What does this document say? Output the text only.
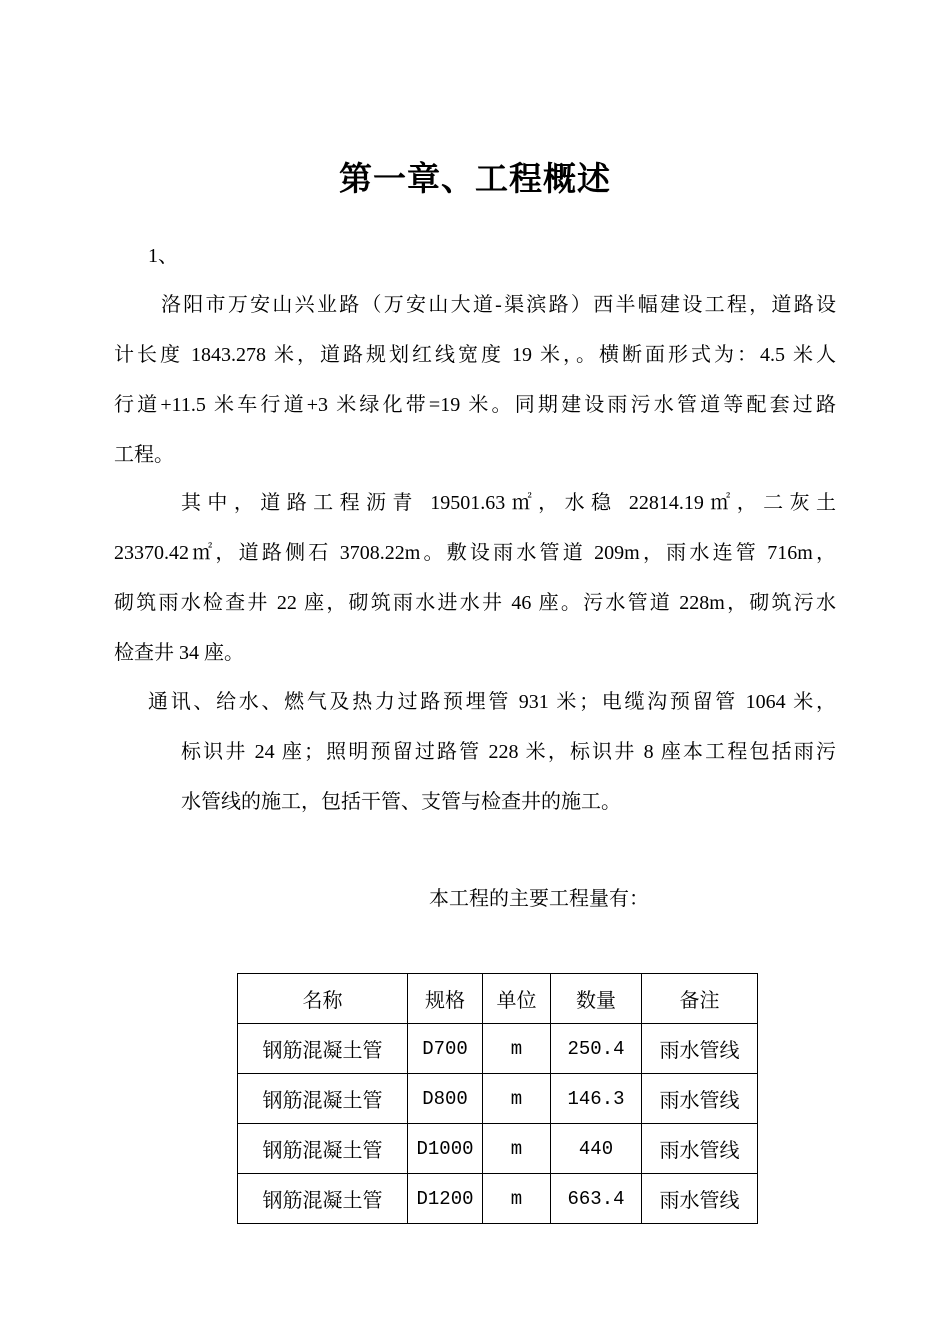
第一章、工程概述
1、
洛阳市万安山兴业路（万安山大道-渠滨路）西半幅建设工程，道路设
计长度 1843.278 米，道路规划红线宽度 19 米，。横断面形式为：4.5 米人
行道+11.5 米车行道+3 米绿化带=19 米。同期建设雨污水管道等配套过路
工程。
其中，道路工程沥青 19501.63㎡，水稳 22814.19㎡，二灰土
23370.42㎡，道路侧石 3708.22m。敷设雨水管道 209m，雨水连管 716m，
砌筑雨水检查井 22 座，砌筑雨水进水井 46 座。污水管道 228m，砌筑污水
检查井 34 座。
通讯、给水、燃气及热力过路预埋管 931 米；电缆沟预留管 1064 米，
标识井 24 座；照明预留过路管 228 米，标识井 8 座本工程包括雨污
水管线的施工，包括干管、支管与检查井的施工。
本工程的主要工程量有：
名称	规格	单位	数量	备注
钢筋混凝土管	D700	m	250.4	雨水管线
钢筋混凝土管	D800	m	146.3	雨水管线
钢筋混凝土管	D1000	m	440	雨水管线
钢筋混凝土管	D1200	m	663.4	雨水管线
